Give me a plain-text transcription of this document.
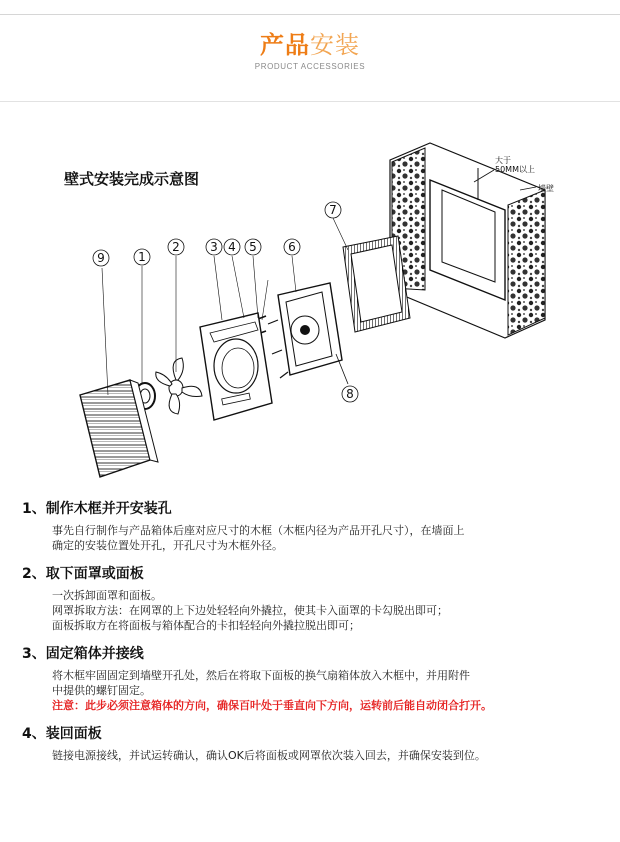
产品安装
PRODUCT ACCESSORIES
9	1
2	3 4 5	6
7
8
壁式安装完成示意图
大于
50MM以上
墙壁
1、制作木框并开安装孔

事先自行制作与产品箱体后座对应尺寸的木框（木框内径为产品开孔尺寸），在墙面上

确定的安装位置处开孔，开孔尺寸为木框外径。

2、取下面罩或面板

一次拆卸面罩和面板。

网罩拆取方法：在网罩的上下边处轻轻向外撬拉，使其卡入面罩的卡勾脱出即可；

面板拆取方在将面板与箱体配合的卡扣轻轻向外撬拉脱出即可；

3、固定箱体并接线

将木框牢固固定到墙壁开孔处，然后在将取下面板的换气扇箱体放入木框中，并用附件

中提供的螺钉固定。

注意：此步必须注意箱体的方向，确保百叶处于垂直向下方向，运转前后能自动闭合打开。

4、装回面板

链接电源接线，并试运转确认，确认OK后将面板或网罩依次装入回去，并确保安装到位。
